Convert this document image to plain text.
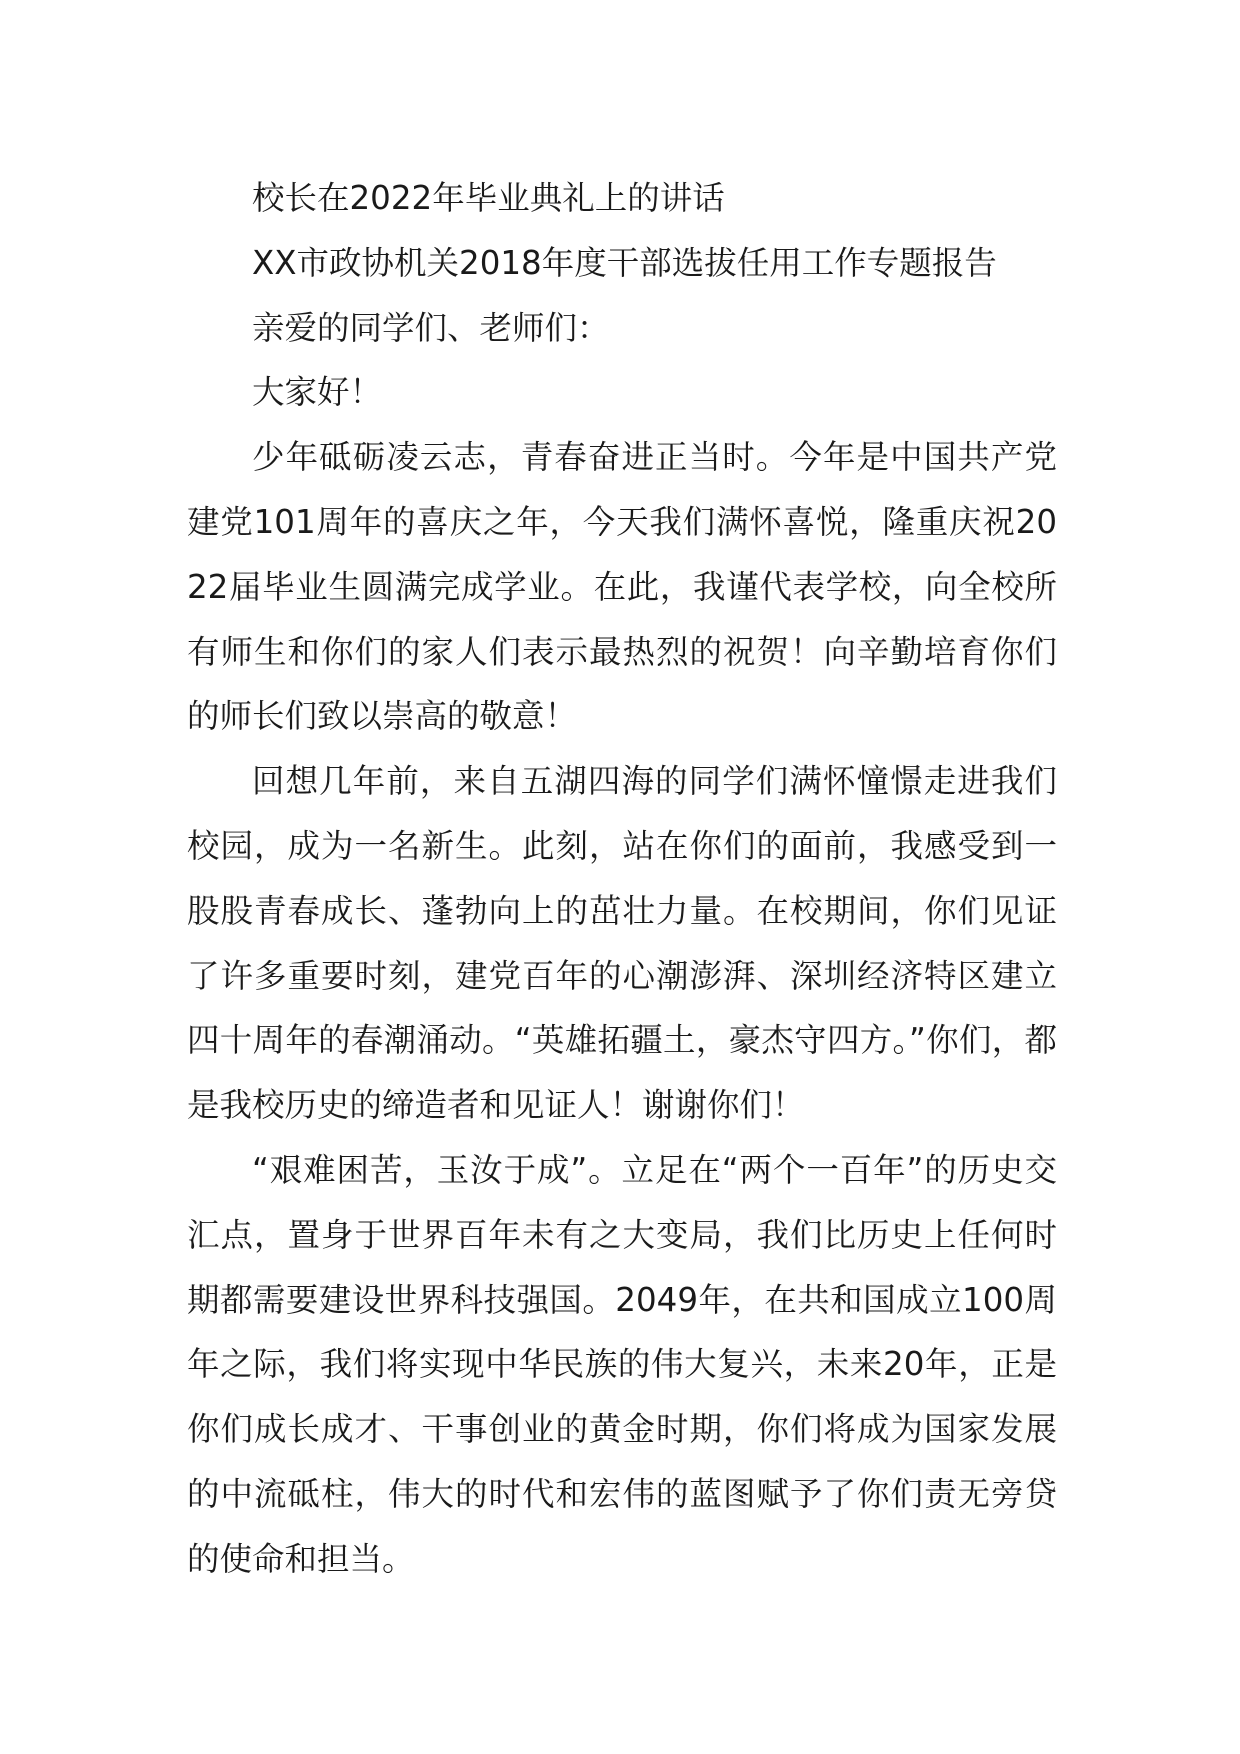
校长在2022年毕业典礼上的讲话

XX市政协机关2018年度干部选拔任用工作专题报告

亲爱的同学们、老师们：

大家好！

少年砥砺凌云志，青春奋进正当时。今年是中国共产党建党101周年的喜庆之年，今天我们满怀喜悦，隆重庆祝2022届毕业生圆满完成学业。在此，我谨代表学校，向全校所有师生和你们的家人们表示最热烈的祝贺！向辛勤培育你们的师长们致以崇高的敬意！

回想几年前，来自五湖四海的同学们满怀憧憬走进我们校园，成为一名新生。此刻，站在你们的面前，我感受到一股股青春成长、蓬勃向上的茁壮力量。在校期间，你们见证了许多重要时刻，建党百年的心潮澎湃、深圳经济特区建立四十周年的春潮涌动。“英雄拓疆土，豪杰守四方。”你们，都是我校历史的缔造者和见证人！谢谢你们！

“艰难困苦，玉汝于成”。立足在“两个一百年”的历史交汇点，置身于世界百年未有之大变局，我们比历史上任何时期都需要建设世界科技强国。2049年，在共和国成立100周年之际，我们将实现中华民族的伟大复兴，未来20年，正是你们成长成才、干事创业的黄金时期，你们将成为国家发展的中流砥柱，伟大的时代和宏伟的蓝图赋予了你们责无旁贷的使命和担当。
